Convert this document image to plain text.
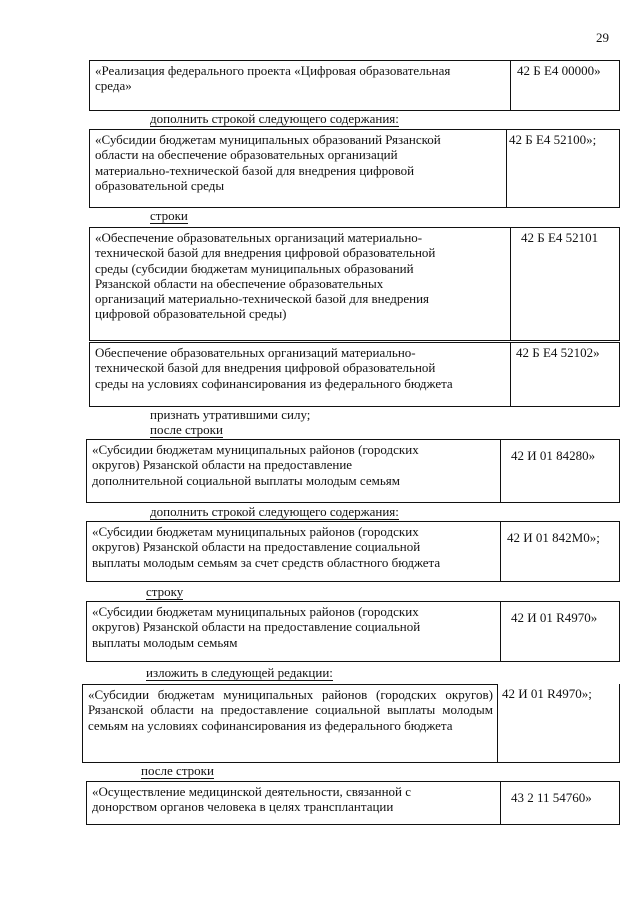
29
«Реализация федерального проекта «Цифровая образовательная
среда»
42 Б Е4 00000»
дополнить строкой следующего содержания:
«Субсидии бюджетам муниципальных образований Рязанской
области на обеспечение образовательных организаций
материально-технической базой для внедрения цифровой
образовательной среды
42 Б Е4 52100»;
строки
«Обеспечение образовательных организаций материально-
технической базой для внедрения цифровой образовательной
среды (субсидии бюджетам муниципальных образований
Рязанской области на обеспечение образовательных
организаций материально-технической базой для внедрения
цифровой образовательной среды)
42 Б Е4 52101
Обеспечение образовательных организаций материально-
технической базой для внедрения цифровой образовательной
среды на условиях софинансирования из федерального бюджета
42 Б Е4 52102»
признать утратившими силу;
после строки
«Субсидии бюджетам муниципальных районов (городских
округов) Рязанской области на предоставление
дополнительной социальной выплаты молодым семьям
42 И 01 84280»
дополнить строкой следующего содержания:
«Субсидии бюджетам муниципальных районов (городских
округов) Рязанской области на предоставление социальной
выплаты молодым семьям за счет средств областного бюджета
42 И 01 842М0»;
строку
«Субсидии бюджетам муниципальных районов (городских
округов) Рязанской области на предоставление социальной
выплаты молодым семьям
42 И 01 R4970»
изложить в следующей редакции:
«Субсидии бюджетам муниципальных районов (городских округов) Рязанской области на предоставление социальной выплаты молодым семьям на условиях софинансирования из федерального бюджета
42 И 01 R4970»;
после строки
«Осуществление медицинской деятельности, связанной с
донорством органов человека в целях трансплантации
43 2 11 54760»
